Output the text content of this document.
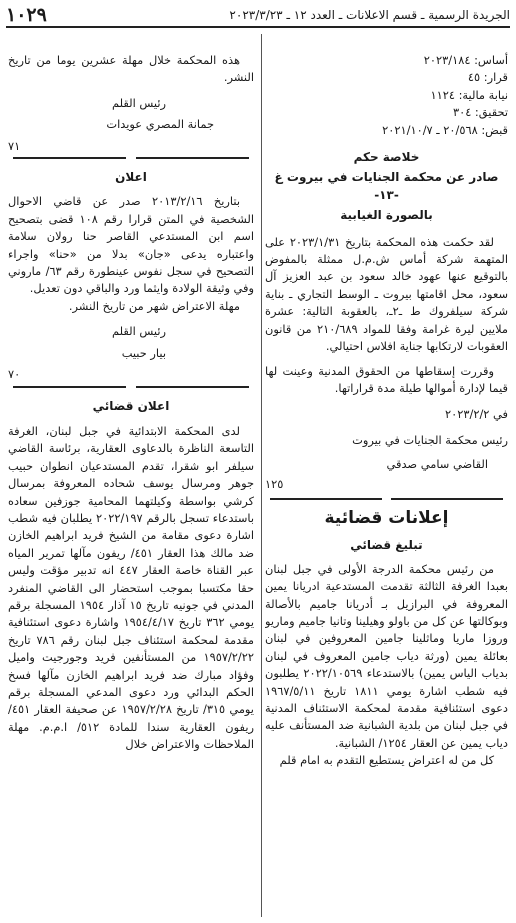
الجريدة الرسمية ـ قسم الاعلانات ـ العدد ١٢ ـ ٢٠٢٣/٣/٢٣
١٠٢٩

أساس: ٢٠٢٣/١٨٤

قرار: ٤٥

نيابة مالية: ١١٢٤

تحقيق: ٣٠٤

قبض: ٢٠/٥٦٨ ـ ٢٠٢١/١٠/٧

خلاصة حكم

صادر عن محكمة الجنايات في بيروت غ -١٣-

بالصورة الغيابية

لقد حكمت هذه المحكمة بتاريخ ٢٠٢٣/١/٣١ على المتهمة شركة أماس ش.م.ل ممثلة بالمفوض بالتوقيع عنها عهود خالد سعود بن عبد العزيز آل سعود، محل اقامتها بيروت ـ الوسط التجاري ـ بناية شركة سيلفروك ط ـ٢ـ، بالعقوبة التالية: عشرة ملايين ليرة غرامة وفقا للمواد ٢١٠/٦٨٩ من قانون العقوبات لارتكابها جناية افلاس احتيالي.

وقررت إسقاطها من الحقوق المدنية وعينت لها قيما لإدارة أموالها طيلة مدة قراراتها.

في ٢٠٢٣/٢/٢

رئيس محكمة الجنايات في بيروت

القاضي سامي صدقي

١٢٥

إعلانات قضائية

تبليغ قضائي

من رئيس محكمة الدرجة الأولى في جبل لبنان بعبدا الغرفة الثالثة تقدمت المستدعية ادريانا يمين المعروفة في البرازيل بـ أدريانا جاميم بالأصالة وبوكالتها عن كل من باولو وهيلينا وتانيا جاميم وماريو وروزا ماريا وماثلينا جامين المعروفين في لبنان بعائلة يمين (ورثة دياب جامين المعروف في لبنان بدياب الياس يمين) بالاستدعاء ٢٠٢٢/١٠٥٦٩ يطلبون فيه شطب اشارة يومي ١٨١١ تاريخ ١٩٦٧/٥/١١ دعوى استئنافية مقدمة لمحكمة الاستئناف المدنية في جبل لبنان من بلدية الشبانية ضد المستأنف عليه دياب يمين عن العقار ١٢٥٤/ الشبانية.

كل من له اعتراض يستطيع التقدم به امام قلم

هذه المحكمة خلال مهلة عشرين يوما من تاريخ النشر.

رئيس القلم

جمانة المصري عويدات

٧١

اعلان

بتاريخ ٢٠١٣/٢/١٦ صدر عن قاضي الاحوال الشخصية في المتن قرارا رقم ١٠٨ قضى بتصحيح اسم ابن المستدعي القاصر حنا رولان سلامة واعتباره يدعى «جان» بدلا من «حنا» واجراء التصحيح في سجل نفوس عينطورة رقم ٦٣/ ماروني وفي وثيقة الولادة وايثما ورد والباقي دون تعديل.

مهلة الاعتراض شهر من تاريخ النشر.

رئيس القلم

بيار حبيب

٧٠

اعلان قضائي

لدى المحكمة الابتدائية في جبل لبنان، الغرفة التاسعة الناظرة بالدعاوى العقارية، برئاسة القاضي سيلفر ابو شقرا، تقدم المستدعيان انطوان حبيب جوهر ومرسال يوسف شحاده المعروفة بمرسال كرشي بواسطة وكيلتهما المحامية جوزفين سعاده باستدعاء تسجل بالرقم ٢٠٢٢/١٩٧ يطلبان فيه شطب اشارة دعوى مقامة من الشيخ فريد ابراهيم الخازن ضد مالك هذا العقار ٤٥١/ ريفون مآلها تمرير المياه عبر القناة خاصة العقار ٤٤٧ انه تدبير مؤقت وليس حقا مكتسبا بموجب استحضار الى القاضي المنفرد المدني في جونيه تاريخ ١٥ آذار ١٩٥٤ المسجلة برقم يومي ٣٦٢ تاريخ ١٩٥٤/٤/١٧ واشارة دعوى استئنافية مقدمة لمحكمة استئناف جبل لبنان رقم ٧٨٦ تاريخ ١٩٥٧/٢/٢٢ من المستأنفين فريد وجورجيت واميل وفؤاد مبارك ضد فريد ابراهيم الخازن مآلها فسخ الحكم البدائي ورد دعوى المدعي المسجلة برقم يومي ٣١٥/ تاريخ ١٩٥٧/٢/٢٨ عن صحيفة العقار ٤٥١/ ريفون العقارية سندا للمادة ٥١٢/ ا.م.م. مهلة الملاحظات والاعتراض خلال
